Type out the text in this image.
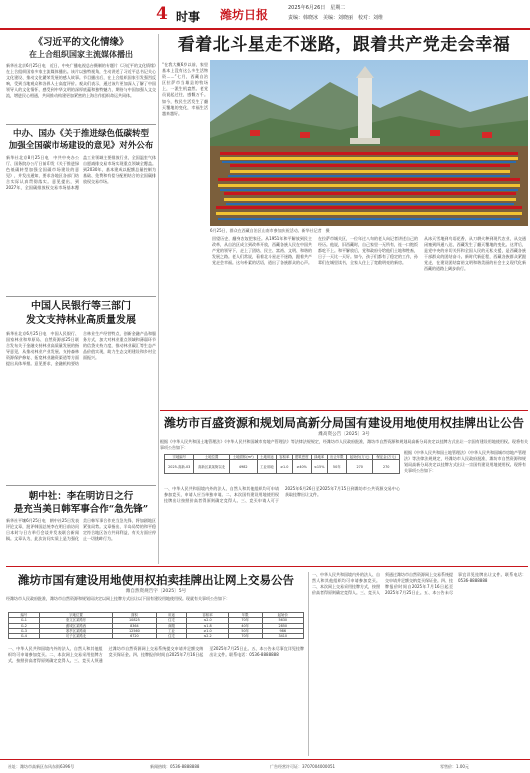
4 时事 潍坊日报	2025年6月26日　星期二
责编：韩晓冰　美编：刘晓丽　校对：刘维
《习近平的文化情缘》
在上合组织国家主流媒体播出
新华社北京6月25日电　近日，中央广播电视总台摄制的专题片《习近平的文化情缘》在上合组织国家多家主流媒体播出。该片以独特视角，生动讲述了习近平总书记关心文化建设、推动文化繁荣发展的感人故事。节目播出后，在上合组织国家引发强烈反响，受到当地观众和各界人士高度评价。观众们表示，通过该片更加深入了解了中国领导人的文化情怀，感受到中华文明的深厚底蕴和独特魅力，期待与中国加强人文交流，增进民心相通，共同推动构建更加紧密的上海合作组织命运共同体。
中办、国办《关于推进绿色低碳转型
加强全国碳市场建设的意见》对外公布
新华社北京8月25日电　中共中央办公厅、国务院办公厅日前印发《关于推进绿色低碳转型加强全国碳市场建设的意见》，并发出通知，要求各地区各部门结合实际认真贯彻落实。意见提出，到2027年，全国碳排放权交易市场基本覆盖工业领域主要排放行业，全国温室气体自愿减排交易市场实现重点领域全覆盖。到2030年，基本建成以配额总量控制为基础、免费和有偿分配相结合的全国碳排放权交易市场。
中国人民银行等三部门
发文支持林业高质量发展
新华社北京6月25日电　中国人民银行、国家林业和草原局、自然资源部25日联合发布关于金融支持林业高质量发展的指导意见，从推动林业产业发展、支持森林资源保护修复、拓宽林业融资渠道等方面提出具体举措。意见要求，金融机构要结合林业生产经营特点，创新金融产品和服务方式，加大对林业重点领域和薄弱环节的信贷支持力度，推动林业碳汇等生态产品价值实现，助力生态文明建设和乡村全面振兴。
朝中社：李在明访日之行
是充当美日韩军事合作“急先锋”
新华社平壤6月25日电　朝中社25日发表评论文章，批评韩国总统李在明日前访问日本时与日方举行会谈并发表联合新闻稿。文章认为，此次访问实质上是为强化美日韩军事合作充当急先锋，将加剧地区紧张局势。文章指出，半岛局势的和平稳定符合地区各方共同利益，有关方面应停止一切挑衅行为。
看着北斗星走不迷路，跟着共产党走会幸福
“在我大概6岁以前，家里基本上没有这么多生活物资……”七月，西藏自治区拉萨市当雄县的牧场上，一派生机盎然。老党员说起过往，感慨万千。如今，牧民生活发生了翻天覆地的变化，幸福生活越来越好。
6月25日，群众在西藏自治区山南市参加庆祝活动。新华社记者　摄
回望历史，翻身农奴把家还。从1951年和平解放到民主改革，从自治区成立到改革开放，西藏各族人民在中国共产党的领导下，走上了团结、民主、富裕、文明、和谐的发展之路。老人们常说，看着北斗星走不迷路，跟着共产党走会幸福。这句朴素的话语，道出了各族群众的心声。
在拉萨市城关区，一位年过八旬的老人向记者讲述自己的经历。他说，旧西藏时，自己家里一无所有，连一口饱饭都吃不上。和平解放后，党和政府分给他们土地和牲畜，日子一天比一天好。如今，孩子们都有了稳定的工作，孙辈们在城里读书，全家人住上了宽敞明亮的新房。
从冰天雪地到鸟语花香，从刀耕火种到现代农业，从交通闭塞到四通八达，西藏发生了翻天覆地的变化。这背后，是党中央的亲切关怀和全国人民的无私支援，是西藏各族干部群众的团结奋斗。新时代新征程，西藏各族群众紧跟党走，在建设团结富裕文明和谐美丽的社会主义现代化新西藏的道路上阔步前行。
潍坊市百盛资源和规划局高新分局国有建设用地使用权挂牌出让公告
潍高资公告〔2025〕3号
根据《中华人民共和国土地管理法》《中华人民共和国城市房地产管理法》等法律法规规定，经潍坊市人民政府批准，潍坊市自然资源和规划局高新分局决定以挂牌方式出让一宗国有建设用地使用权。现将有关事项公告如下：
宗地编号	土地位置	土地面积(m²)	土地用途	容积率	建筑密度	绿地率	出让年限	起始价(万元)	保证金(万元)
2025-高新-03	高新区某某街以北	4982	工业用地	≥1.0	≥40%	≤15%	50年	270	270
一、中华人民共和国境内外的法人、自然人和其他组织均可申请参加竞买，申请人应当单独申请。二、本次国有建设用地使用权挂牌出让按照价高者得原则确定竞得人。三、竞买申请人可于2025年6月26日至2025年7月15日到潍坊市公共资源交易中心获取挂牌出让文件。
根据《中华人民共和国土地管理法》《中华人民共和国城市房地产管理法》等法律法规规定，经潍坊市人民政府批准，潍坊市自然资源和规划局高新分局决定以挂牌方式出让一宗国有建设用地使用权。现将有关事项公告如下：
潍坊市国有建设用地使用权拍卖挂牌出让网上交易公告
潍自然资规告字〔2025〕5号
经潍坊市人民政府批准，潍坊市自然资源和规划局决定以网上挂牌方式出让以下国有建设用地使用权。现就有关事项公告如下：
编号	宗地位置	面积	用途	容积率	年限	起始价
G-1	奎文区某路东	10825	住宅	≤2.0	70年	5630
G-2	潍城区某路西	8364	商服	≤1.8	40年	2850
G-3	寒亭区某路南	12560	工业	≥1.0	50年	986
G-4	坊子区某路北	6720	住宅	≤2.2	70年	3410
一、中华人民共和国境内外的法人、自然人和其他组织均可申请参加竞买。二、本次网上交易采用挂牌方式，按照价高者得原则确定竞得人。三、竞买人须通过潍坊市自然资源网上交易系统提交申请并足额交纳竞买保证金。四、挂牌报价时间自2025年7月16日起至2025年7月25日止。五、本公告未尽事宜详见挂牌出让文件。联系电话：0536-8888888
一、中华人民共和国境内外的法人、自然人和其他组织均可申请参加竞买。二、本次网上交易采用挂牌方式，按照价高者得原则确定竞得人。三、竞买人须通过潍坊市自然资源网上交易系统提交申请并足额交纳竞买保证金。四、挂牌报价时间自2025年7月16日起至2025年7月25日止。五、本公告未尽事宜详见挂牌出让文件。联系电话：0536-8888888
社址：潍坊市高新区东风东街6396号	新闻热线：0536-8888888	广告经营许可证：3707004000051	零售价：1.00元
